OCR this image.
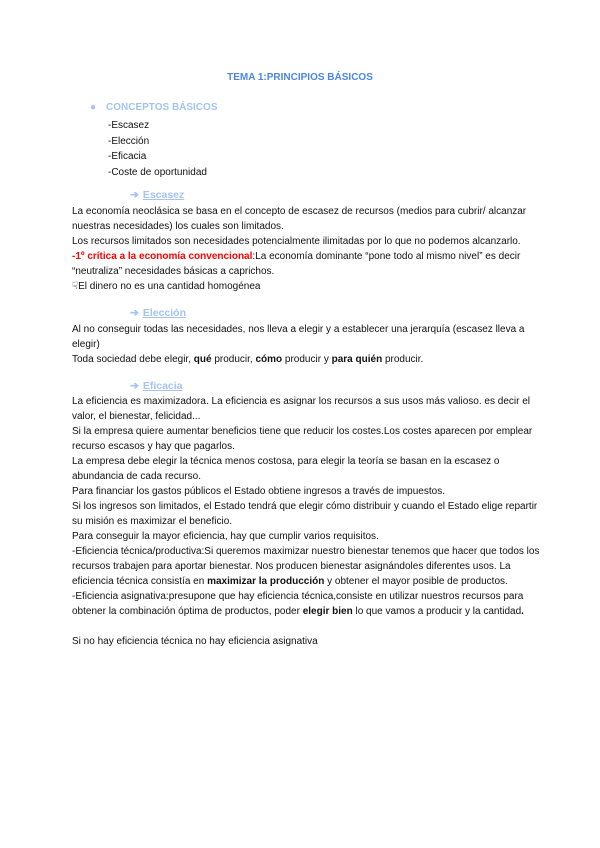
TEMA 1:PRINCIPIOS BÁSICOS
● CONCEPTOS BÁSICOS
-Escasez
-Elección
-Eficacia
-Coste de oportunidad
➔ Escasez

La economía neoclásica se basa en el concepto de escasez de recursos (medios para cubrir/ alcanzar nuestras necesidades) los cuales son limitados.

Los recursos limitados son necesidades potencialmente ilimitadas por lo que no podemos alcanzarlo.

-1º crítica a la economía convencional:La economía dominante “pone todo al mismo nivel” es decir “neutraliza” necesidades básicas a caprichos.

☟El dinero no es una cantidad homogénea

➔ Elección

Al no conseguir todas las necesidades, nos lleva a elegir y a establecer una jerarquía (escasez lleva a elegir)

Toda sociedad debe elegir, qué producir, cómo producir y para quién producir.

➔ Eficacia

La eficiencia es maximizadora. La eficiencia es asignar los recursos a sus usos más valioso. es decir el valor, el bienestar, felicidad...

Si la empresa quiere aumentar beneficios tiene que reducir los costes.Los costes aparecen por emplear recurso escasos y hay que pagarlos.

La empresa debe elegir la técnica menos costosa, para elegir la teoría se basan en la escasez o abundancia de cada recurso.

Para financiar los gastos públicos el Estado obtiene ingresos a través de impuestos.

Si los ingresos son limitados, el Estado tendrá que elegir cómo distribuir y cuando el Estado elige repartir su misión es maximizar el beneficio.

Para conseguir la mayor eficiencia, hay que cumplir varios requisitos.

-Eficiencia técnica/productiva:Si queremos maximizar nuestro bienestar tenemos que hacer que todos los recursos trabajen para aportar bienestar. Nos producen bienestar asignándoles diferentes usos. La eficiencia técnica consistía en maximizar la producción y obtener el mayor posible de productos.

-Eficiencia asignativa:presupone que hay eficiencia técnica,consiste en utilizar nuestros recursos para obtener la combinación óptima de productos, poder elegir bien lo que vamos a producir y la cantidad.

Si no hay eficiencia técnica no hay eficiencia asignativa
